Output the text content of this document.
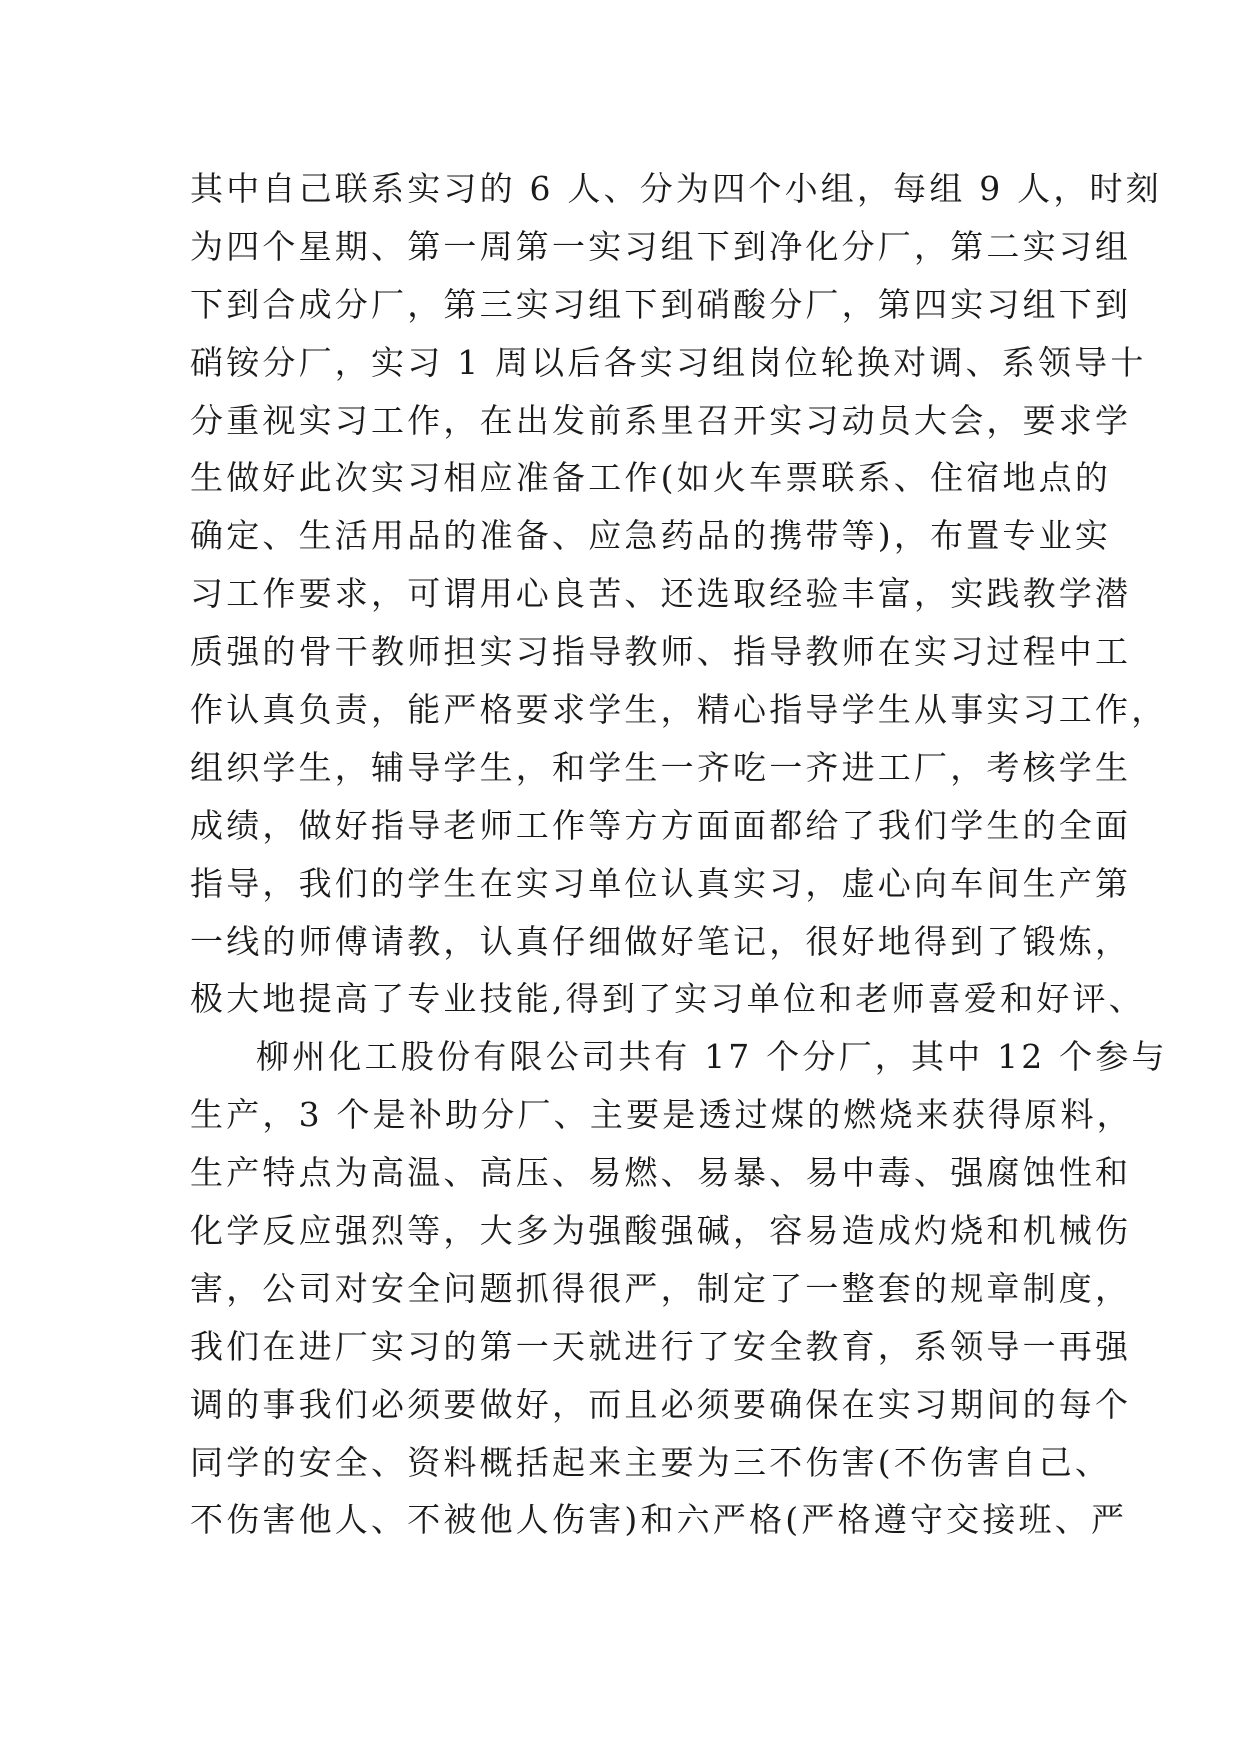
其中自己联系实习的 6 人、分为四个小组，每组 9 人，时刻
为四个星期、第一周第一实习组下到净化分厂，第二实习组
下到合成分厂，第三实习组下到硝酸分厂，第四实习组下到
硝铵分厂，实习 1 周以后各实习组岗位轮换对调、系领导十
分重视实习工作，在出发前系里召开实习动员大会，要求学
生做好此次实习相应准备工作(如火车票联系、住宿地点的
确定、生活用品的准备、应急药品的携带等)，布置专业实
习工作要求，可谓用心良苦、还选取经验丰富，实践教学潜
质强的骨干教师担实习指导教师、指导教师在实习过程中工
作认真负责，能严格要求学生，精心指导学生从事实习工作，
组织学生，辅导学生，和学生一齐吃一齐进工厂，考核学生
成绩，做好指导老师工作等方方面面都给了我们学生的全面
指导，我们的学生在实习单位认真实习，虚心向车间生产第
一线的师傅请教，认真仔细做好笔记，很好地得到了锻炼，
极大地提高了专业技能,得到了实习单位和老师喜爱和好评、
柳州化工股份有限公司共有 17 个分厂，其中 12 个参与
生产，3 个是补助分厂、主要是透过煤的燃烧来获得原料，
生产特点为高温、高压、易燃、易暴、易中毒、强腐蚀性和
化学反应强烈等，大多为强酸强碱，容易造成灼烧和机械伤
害，公司对安全问题抓得很严，制定了一整套的规章制度，
我们在进厂实习的第一天就进行了安全教育，系领导一再强
调的事我们必须要做好，而且必须要确保在实习期间的每个
同学的安全、资料概括起来主要为三不伤害(不伤害自己、
不伤害他人、不被他人伤害)和六严格(严格遵守交接班、严
